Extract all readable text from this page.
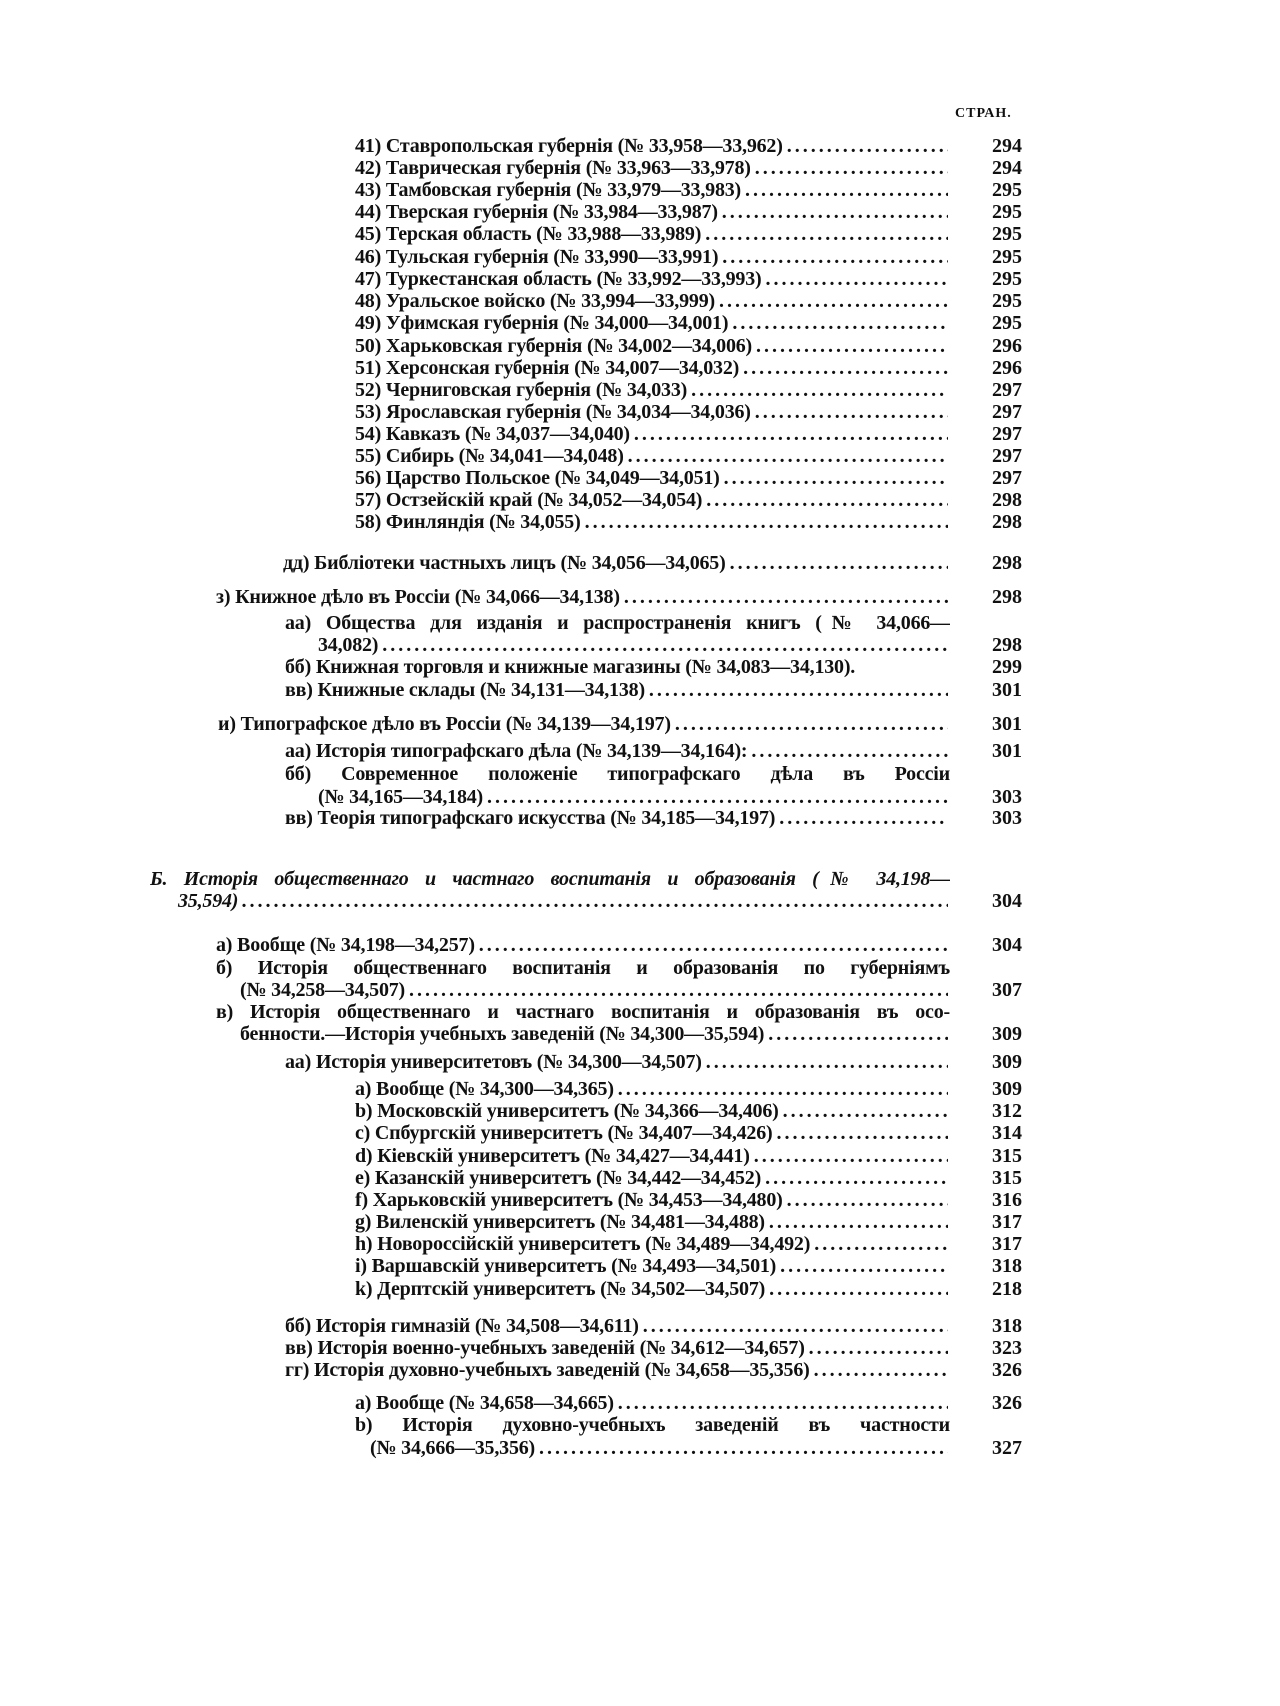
СТРАН.
41) Ставропольская губернія (№ 33,958—33,962) . . .	294
42) Таврическая губернія (№ 33,963—33,978) . . .	294
43) Тамбовская губернія (№ 33,979—33,983) . . .	295
44) Тверская губернія (№ 33,984—33,987) . . .	295
45) Терская область (№ 33,988—33,989) . . .	295
46) Тульская губернія (№ 33,990—33,991) . . .	295
47) Туркестанская область (№ 33,992—33,993) . . .	295
48) Уральское войско (№ 33,994—33,999) . . .	295
49) Уфимская губернія (№ 34,000—34,001) . . .	295
50) Харьковская губернія (№ 34,002—34,006) . . .	296
51) Херсонская губернія (№ 34,007—34,032) . . .	296
52) Черниговская губернія (№ 34,033) . . .	297
53) Ярославская губернія (№ 34,034—34,036) . . .	297
54) Кавказъ (№ 34,037—34,040) . . .	297
55) Сибирь (№ 34,041—34,048) . . .	297
56) Царство Польское (№ 34,049—34,051) . . .	297
57) Остзейскій край (№ 34,052—34,054) . . .	298
58) Финляндія (№ 34,055) . . .	298
дд) Библіотеки частныхъ лицъ (№ 34,056—34,065) . . .	298
з) Книжное дѣло въ Россіи (№ 34,066—34,138) . . .	298
аа) Общества для изданія и распространенія книгъ (№ 34,066—
34,082) . . .	298
бб) Книжная торговля и книжные магазины (№ 34,083—34,130).	299
вв) Книжные склады (№ 34,131—34,138) . . .	301
и) Типографское дѣло въ Россіи (№ 34,139—34,197) . . .	301
аа) Исторія типографскаго дѣла (№ 34,139—34,164): . . .	301
бб) Современное положеніе типографскаго дѣла въ Россіи
(№ 34,165—34,184) . . .	303
вв) Теорія типографскаго искусства (№ 34,185—34,197) . . .	303
Б. Исторія общественнаго и частнаго воспитанія и образованія (№ 34,198—
35,594) . . .	304
а) Вообще (№ 34,198—34,257) . . .	304
б) Исторія общественнаго воспитанія и образованія по губерніямъ
(№ 34,258—34,507) . . .	307
в) Исторія общественнаго и частнаго воспитанія и образованія въ осо-
бенности.—Исторія учебныхъ заведеній (№ 34,300—35,594) . . .	309
аа) Исторія университетовъ (№ 34,300—34,507) . . .	309
a) Вообще (№ 34,300—34,365) . . .	309
b) Московскій университетъ (№ 34,366—34,406) . . .	312
c) Спбургскій университетъ (№ 34,407—34,426) . . .	314
d) Кіевскій университетъ (№ 34,427—34,441) . . .	315
e) Казанскій университетъ (№ 34,442—34,452) . . .	315
f) Харьковскій университетъ (№ 34,453—34,480) . . .	316
g) Виленскій университетъ (№ 34,481—34,488) . . .	317
h) Новороссійскій университетъ (№ 34,489—34,492) . . .	317
i) Варшавскій университетъ (№ 34,493—34,501) . . .	318
k) Дерптскій университетъ (№ 34,502—34,507) . . .	218
бб) Исторія гимназій (№ 34,508—34,611) . . .	318
вв) Исторія военно-учебныхъ заведеній (№ 34,612—34,657) . . .	323
гг) Исторія духовно-учебныхъ заведеній (№ 34,658—35,356) . . .	326
a) Вообще (№ 34,658—34,665) . . .	326
b) Исторія духовно-учебныхъ заведеній въ частности
(№ 34,666—35,356) . . .	327
